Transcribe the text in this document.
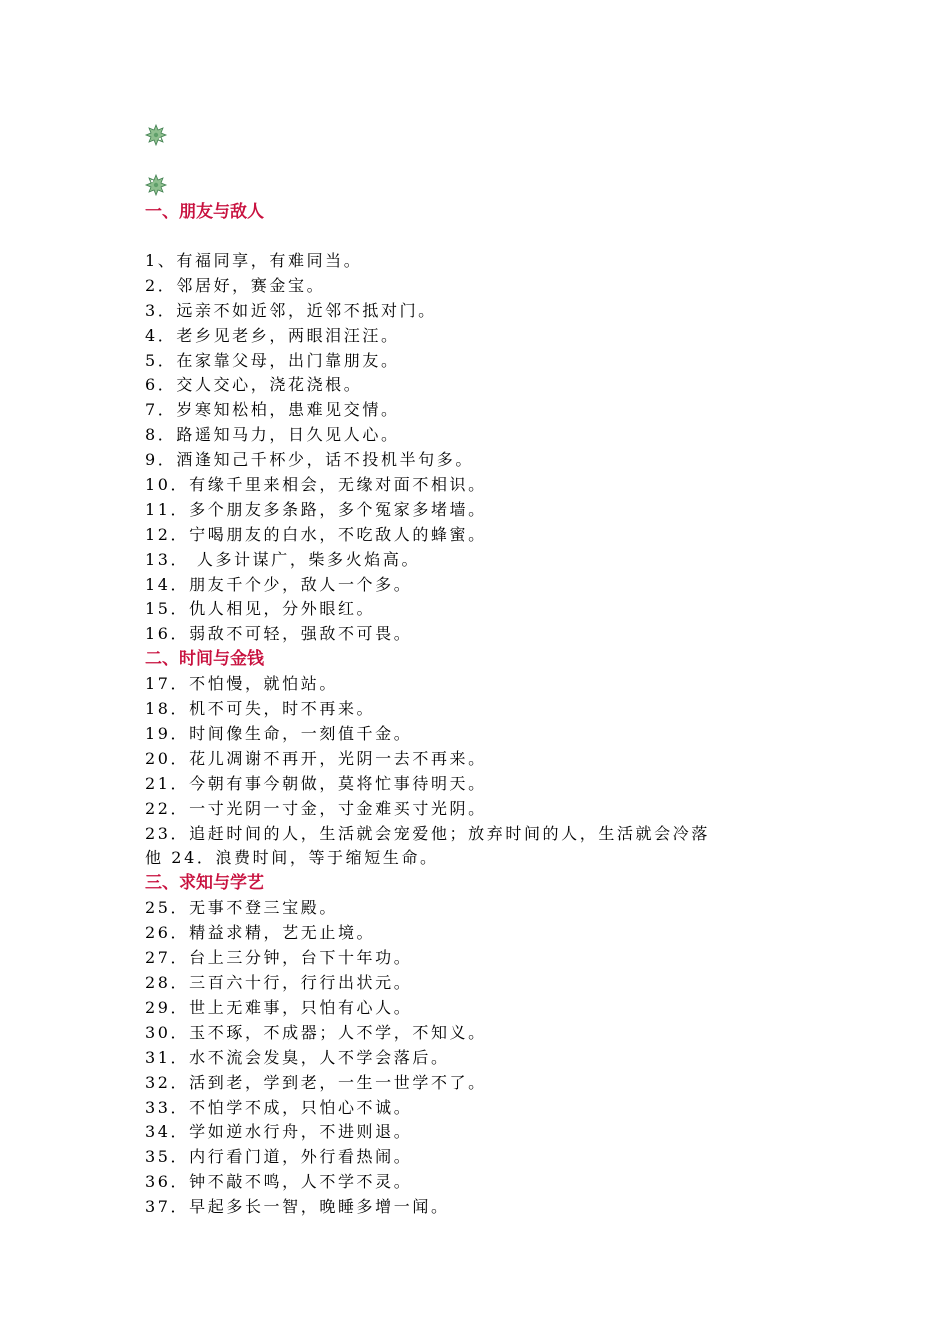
一、朋友与敌人
1、有福同享，有难同当。
2．邻居好，赛金宝。
3．远亲不如近邻，近邻不抵对门。
4．老乡见老乡，两眼泪汪汪。
5．在家靠父母，出门靠朋友。
6．交人交心，浇花浇根。
7．岁寒知松柏，患难见交情。
8．路遥知马力，日久见人心。
9．酒逢知己千杯少，话不投机半句多。
10．有缘千里来相会，无缘对面不相识。
11．多个朋友多条路，多个冤家多堵墙。
12．宁喝朋友的白水，不吃敌人的蜂蜜。
13． 人多计谋广，柴多火焰高。
14．朋友千个少，敌人一个多。
15．仇人相见，分外眼红。
16．弱敌不可轻，强敌不可畏。
二、时间与金钱
17．不怕慢，就怕站。
18．机不可失，时不再来。
19．时间像生命，一刻值千金。
20．花儿凋谢不再开，光阴一去不再来。
21．今朝有事今朝做，莫将忙事待明天。
22．一寸光阴一寸金，寸金难买寸光阴。
23．追赶时间的人，生活就会宠爱他；放弃时间的人，生活就会冷落
他 24．浪费时间，等于缩短生命。
三、求知与学艺
25．无事不登三宝殿。
26．精益求精，艺无止境。
27．台上三分钟，台下十年功。
28．三百六十行，行行出状元。
29．世上无难事，只怕有心人。
30．玉不琢，不成器；人不学，不知义。
31．水不流会发臭，人不学会落后。
32．活到老，学到老，一生一世学不了。
33．不怕学不成，只怕心不诚。
34．学如逆水行舟，不进则退。
35．内行看门道，外行看热闹。
36．钟不敲不鸣，人不学不灵。
37．早起多长一智，晚睡多增一闻。
